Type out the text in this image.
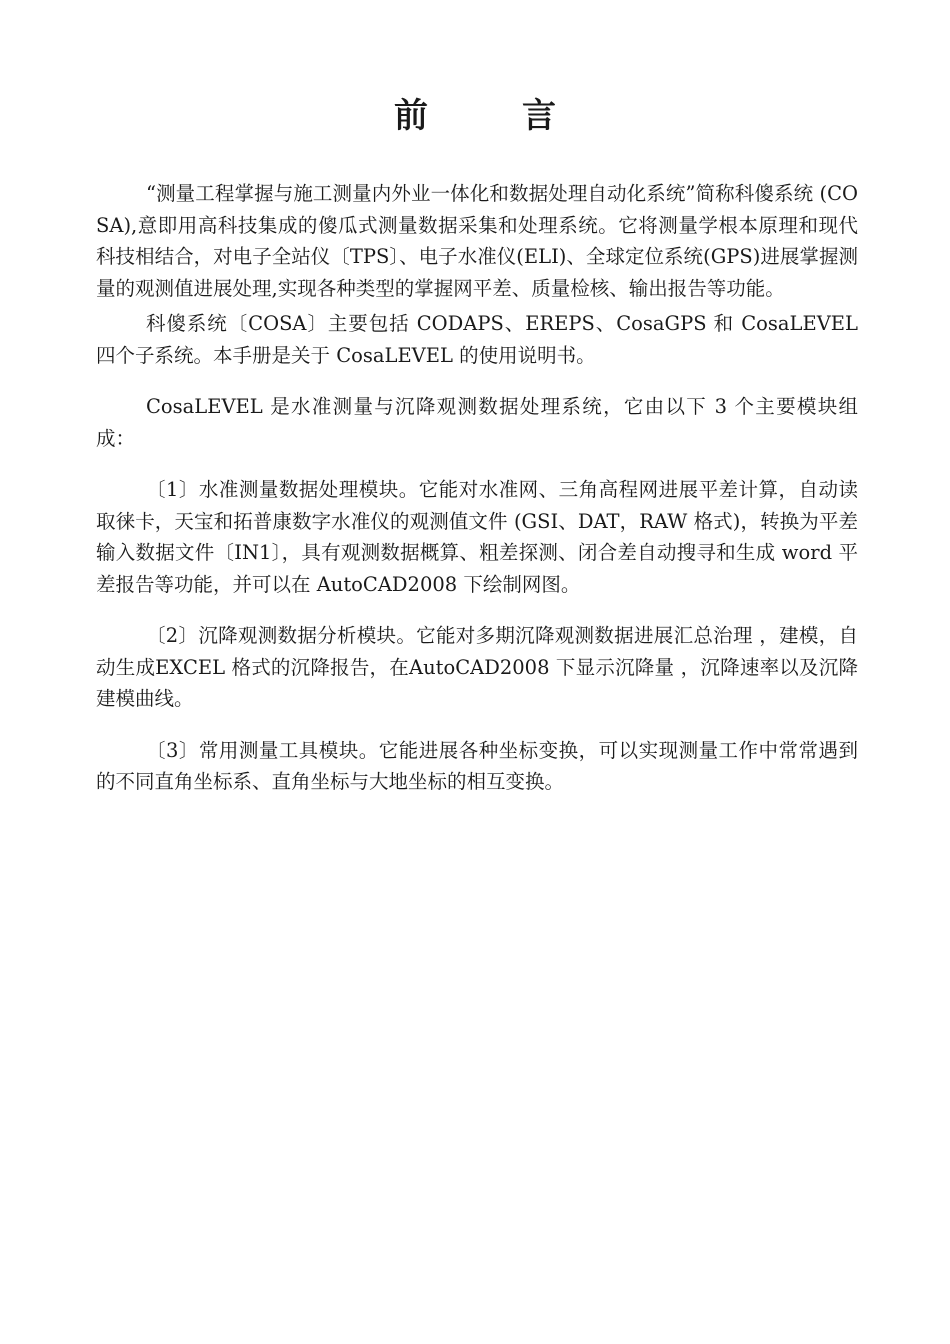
前　言

“测量工程掌握与施工测量内外业一体化和数据处理自动化系统”简称科傻系统 (COSA),意即用高科技集成的傻瓜式测量数据采集和处理系统。它将测量学根本原理和现代科技相结合，对电子全站仪〔TPS〕、电子水准仪(ELI)、全球定位系统(GPS)进展掌握测量的观测值进展处理,实现各种类型的掌握网平差、质量检核、输出报告等功能。

科傻系统〔COSA〕主要包括 CODAPS、EREPS、CosaGPS 和 CosaLEVEL 四个子系统。本手册是关于 CosaLEVEL 的使用说明书。

CosaLEVEL 是水准测量与沉降观测数据处理系统，它由以下 3 个主要模块组成：

〔1〕水准测量数据处理模块。它能对水准网、三角高程网进展平差计算，自动读取徕卡，天宝和拓普康数字水准仪的观测值文件 (GSI、DAT，RAW 格式)，转换为平差输入数据文件〔IN1〕，具有观测数据概算、粗差探测、闭合差自动搜寻和生成 word 平差报告等功能，并可以在 AutoCAD2008 下绘制网图。

〔2〕沉降观测数据分析模块。它能对多期沉降观测数据进展汇总治理 ，建模，自动生成EXCEL 格式的沉降报告，在AutoCAD2008 下显示沉降量 ，沉降速率以及沉降建模曲线。

〔3〕常用测量工具模块。它能进展各种坐标变换，可以实现测量工作中常常遇到的不同直角坐标系、直角坐标与大地坐标的相互变换。
